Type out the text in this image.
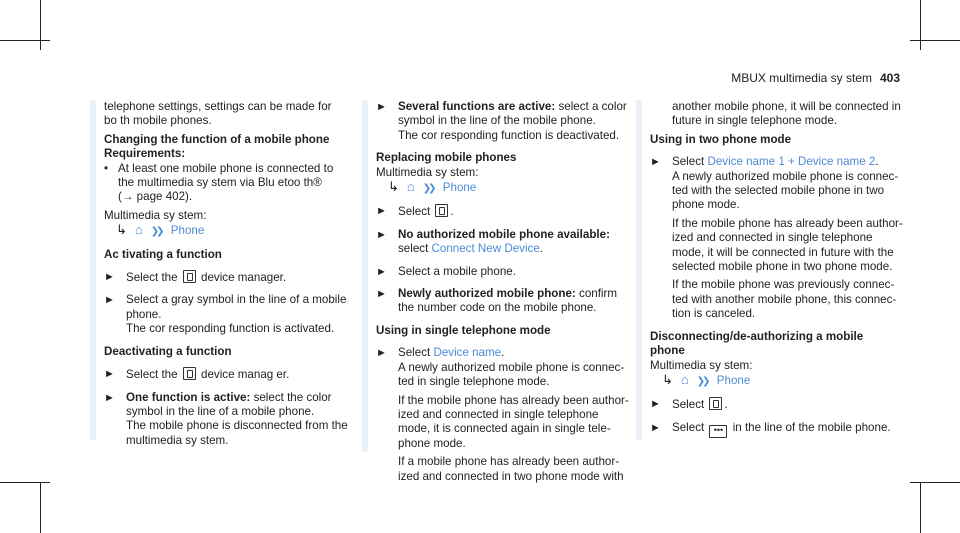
MBUX multimedia sy stem 403
telephone settings, settings can be made for
bo th mobile phones.
Changing the function of a mobile phone
Requirements:
• At least one mobile phone is connected to
the multimedia sy stem via Blu etoo th®
(→ page 402).
Multimedia sy stem:
↳ ⌂ ❯❯ Phone
Ac tivating a function
► Select the device manager.
► Select a gray symbol in the line of a mobile
phone.
The cor responding function is activated.
Deactivating a function
► Select the device manag er.
► One function is active: select the color
symbol in the line of a mobile phone.
The mobile phone is disconnected from the
multimedia sy stem.
► Several functions are active: select a color
symbol in the line of the mobile phone.
The cor responding function is deactivated.
Replacing mobile phones
Multimedia sy stem:
↳ ⌂ ❯❯ Phone
► Select .
► No authorized mobile phone available:
select Connect New Device.
► Select a mobile phone.
► Newly authorized mobile phone: confirm
the number code on the mobile phone.
Using in single telephone mode
► Select Device name.
A newly authorized mobile phone is connec‐
ted in single telephone mode.
If the mobile phone has already been author‐
ized and connected in single telephone
mode, it is connected again in single tele‐
phone mode.
If a mobile phone has already been author‐
ized and connected in two phone mode with
another mobile phone, it will be connected in
future in single telephone mode.
Using in two phone mode
► Select Device name 1 + Device name 2.
A newly authorized mobile phone is connec‐
ted with the selected mobile phone in two
phone mode.
If the mobile phone has already been author‐
ized and connected in single telephone
mode, it will be connected in future with the
selected mobile phone in two phone mode.
If the mobile phone was previously connec‐
ted with another mobile phone, this connec‐
tion is canceled.
Disconnecting/de-authorizing a mobile
phone
Multimedia sy stem:
↳ ⌂ ❯❯ Phone
► Select .
► Select ••• in the line of the mobile phone.
